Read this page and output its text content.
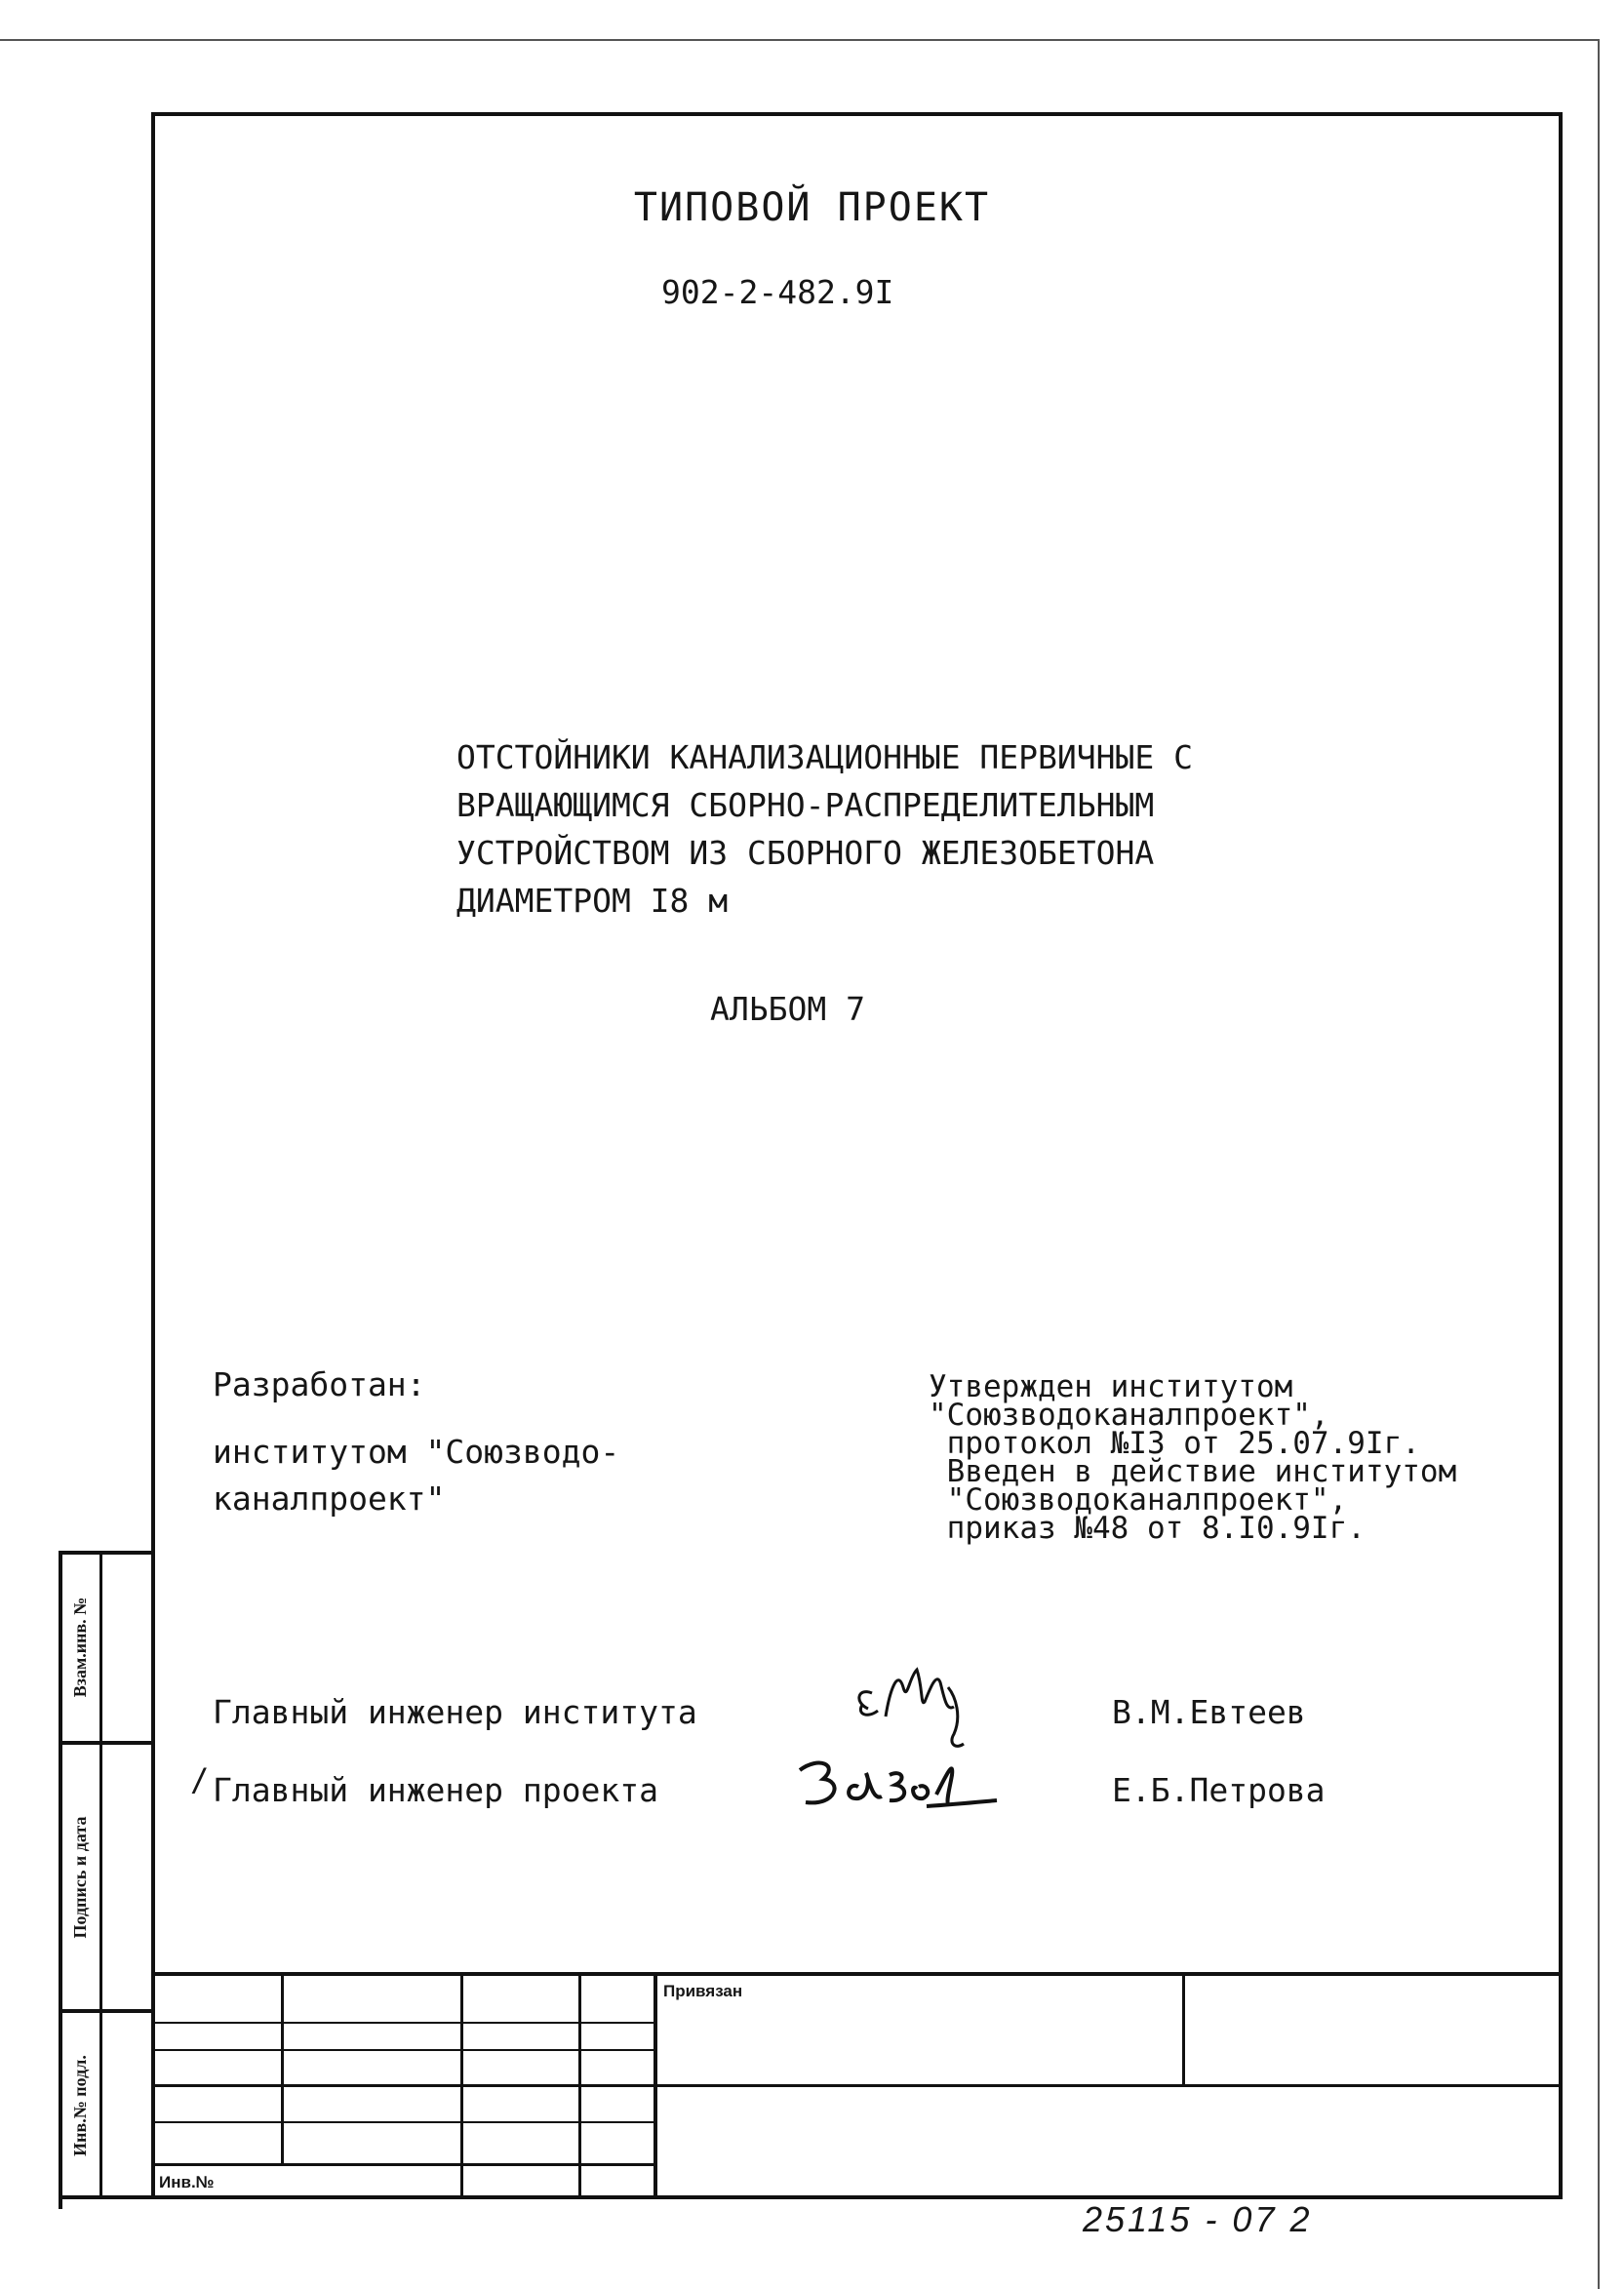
ТИПОВОЙ ПРОЕКТ
902-2-482.9I
ОТСТОЙНИКИ КАНАЛИЗАЦИОННЫЕ ПЕРВИЧНЫЕ С
ВРАЩАЮЩИМСЯ СБОРНО-РАСПРЕДЕЛИТЕЛЬНЫМ
УСТРОЙСТВОМ ИЗ СБОРНОГО ЖЕЛЕЗОБЕТОНА
ДИАМЕТРОМ I8 м
АЛЬБОМ 7
Разработан:
институтом "Союзводо-
каналпроект"
Утвержден институтом
"Союзводоканалпроект",
протокол №I3 от 25.07.9Iг.
Введен в действие институтом
"Союзводоканалпроект",
приказ №48 от 8.I0.9Iг.
Главный инженер института
Главный инженер проекта
/
В.М.Евтеев
Е.Б.Петрова
Взам.инв. №
Подпись и дата
Инв.№ подл.
Привязан
Инв.№
25115 - 07 2
